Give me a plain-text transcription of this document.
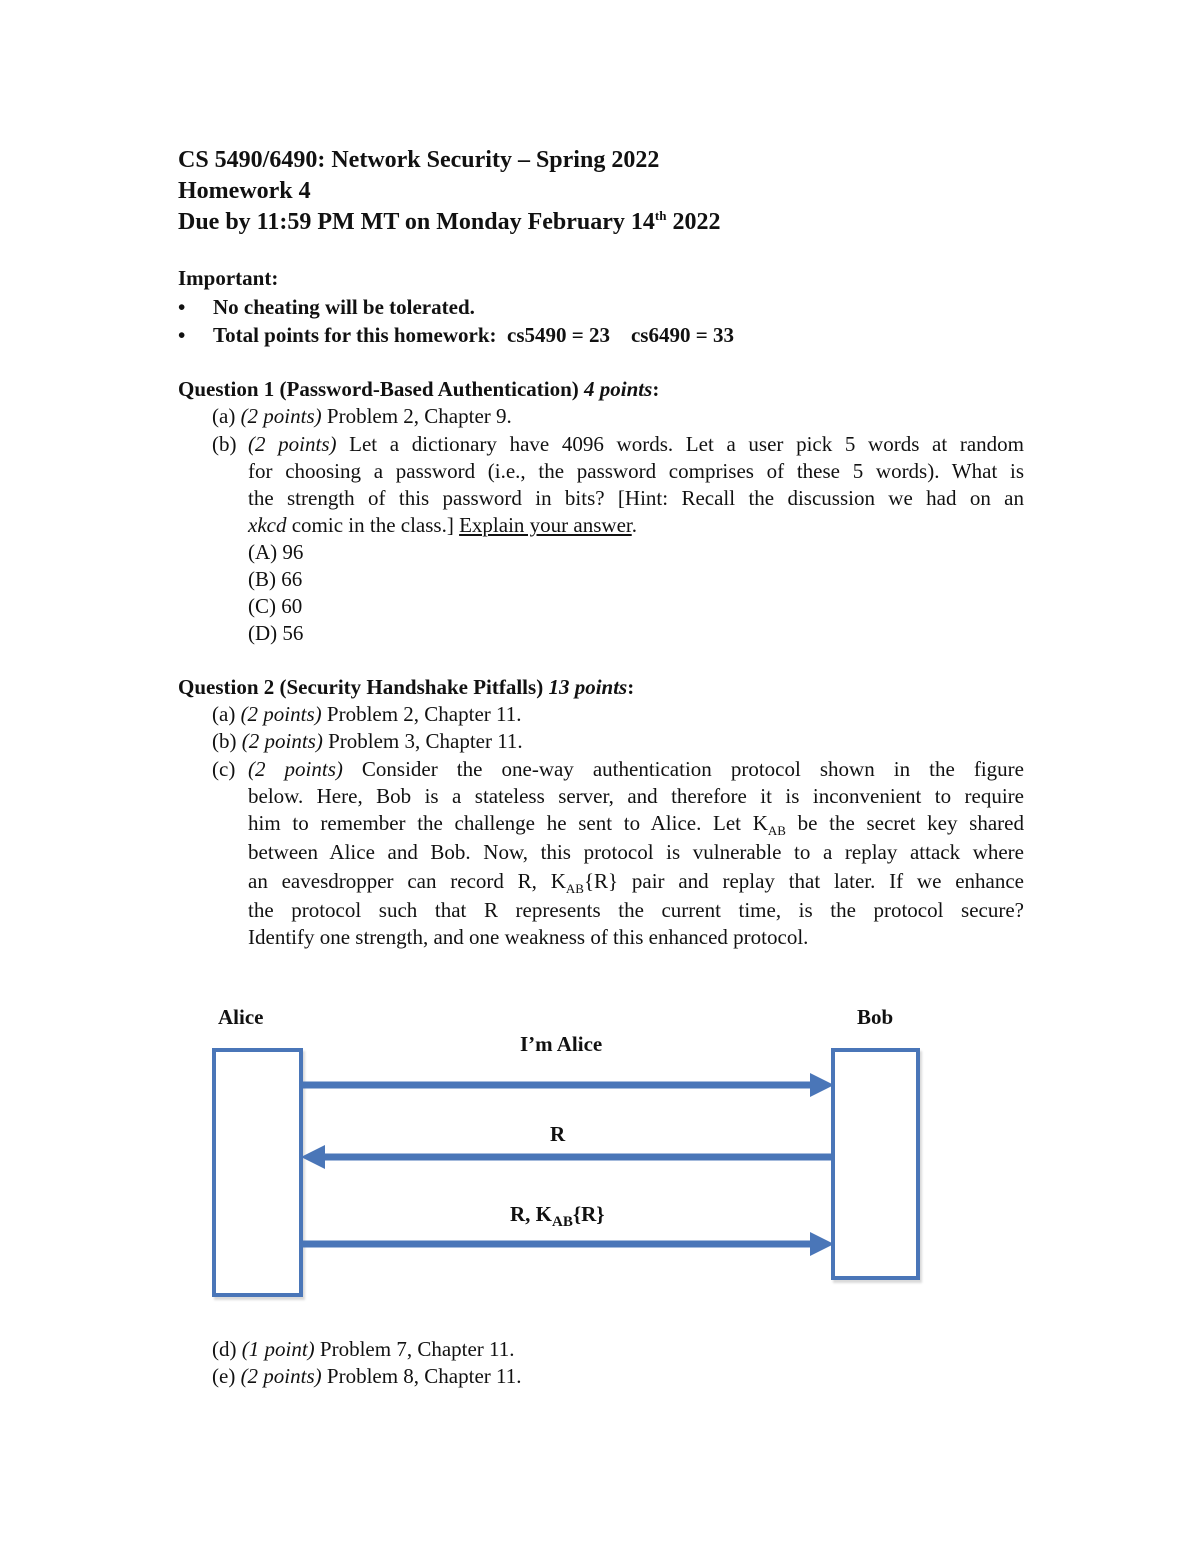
CS 5490/6490: Network Security – Spring 2022
Homework 4
Due by 11:59 PM MT on Monday February 14th 2022
Important:
• No cheating will be tolerated.
• Total points for this homework:  cs5490 = 23    cs6490 = 33
Question 1 (Password-Based Authentication) 4 points:
(a) (2 points) Problem 2, Chapter 9.
(b) (2 points) Let a dictionary have 4096 words. Let a user pick 5 words at random
for choosing a password (i.e., the password comprises of these 5 words). What is
the strength of this password in bits? [Hint: Recall the discussion we had on an
xkcd comic in the class.] Explain your answer.
(A) 96
(B) 66
(C) 60
(D) 56
Question 2 (Security Handshake Pitfalls) 13 points:
(a) (2 points) Problem 2, Chapter 11.
(b) (2 points) Problem 3, Chapter 11.
(c) (2 points) Consider the one-way authentication protocol shown in the figure
below. Here, Bob is a stateless server, and therefore it is inconvenient to require
him to remember the challenge he sent to Alice. Let $K_{AB}$ be the secret key shared
between Alice and Bob. Now, this protocol is vulnerable to a replay attack where
an eavesdropper can record R, $K_{AB}\{R\}$ pair and replay that later. If we enhance
the protocol such that R represents the current time, is the protocol secure?
Identify one strength, and one weakness of this enhanced protocol.
Alice	Bob
I’m Alice
R
R, $K_{AB}\{R\}$
(d) (1 point) Problem 7, Chapter 11.
(e) (2 points) Problem 8, Chapter 11.
